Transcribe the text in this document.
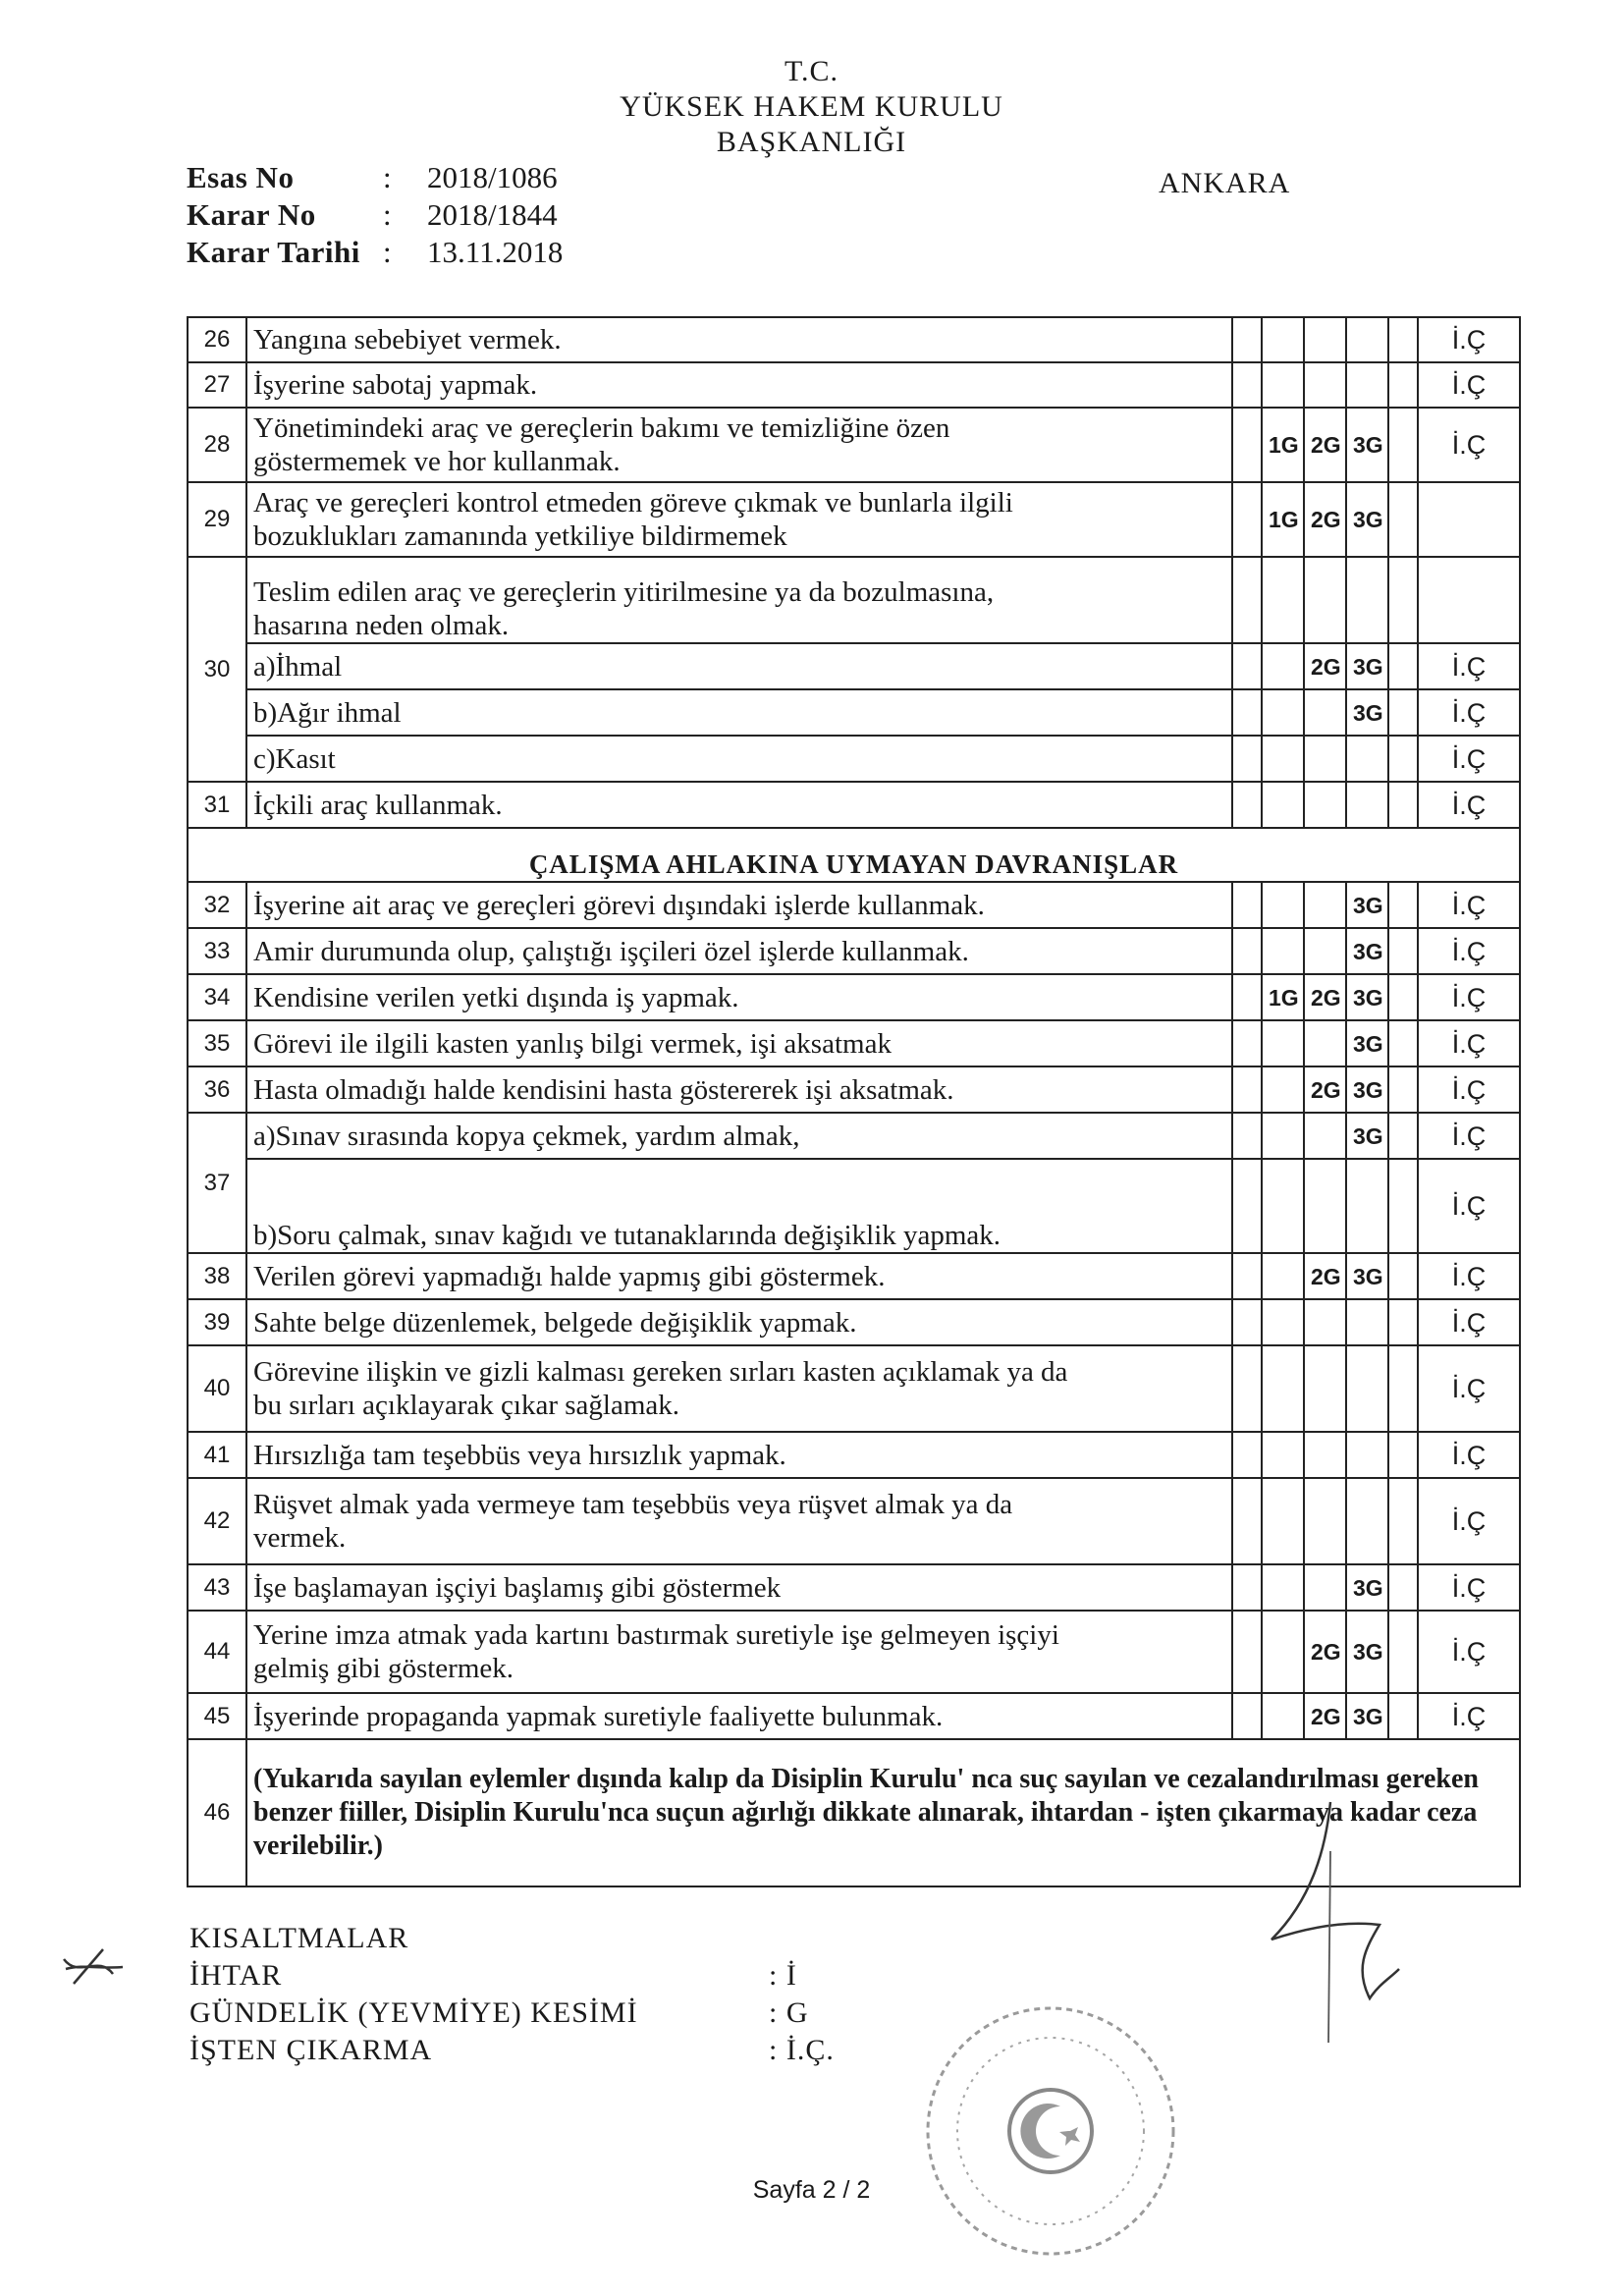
T.C.
YÜKSEK HAKEM KURULU
BAŞKANLIĞI
Esas No	:	2018/1086
Karar No	:	2018/1844
Karar Tarihi :	13.11.2018
ANKARA
26	Yangına sebebiyet vermek.						İ.Ç
27	İşyerine sabotaj yapmak.						İ.Ç
28	Yönetimindeki araç ve gereçlerin bakımı ve temizliğine özen
göstermemek ve hor kullanmak.		1G	2G	3G		İ.Ç
29	Araç ve gereçleri kontrol etmeden göreve çıkmak ve bunlarla ilgili
bozuklukları zamanında yetkiliye bildirmemek		1G	2G	3G		
30	Teslim edilen araç ve gereçlerin yitirilmesine ya da bozulmasına,
hasarına neden olmak.						

	a)İhmal			2G	3G		İ.Ç
	b)Ağır ihmal				3G		İ.Ç
	c)Kasıt						İ.Ç
31	İçkili araç kullanmak.						İ.Ç
ÇALIŞMA AHLAKINA UYMAYAN DAVRANIŞLAR							
32	İşyerine ait araç ve gereçleri görevi dışındaki işlerde kullanmak.				3G		İ.Ç
33	Amir durumunda olup, çalıştığı işçileri özel işlerde kullanmak.				3G		İ.Ç
34	Kendisine verilen yetki dışında iş yapmak.		1G	2G	3G		İ.Ç
35	Görevi ile ilgili kasten yanlış bilgi vermek, işi aksatmak				3G		İ.Ç
36	Hasta olmadığı halde kendisini hasta göstererek işi aksatmak.			2G	3G		İ.Ç
37	a)Sınav sırasında kopya çekmek, yardım almak,				3G		İ.Ç
	b)Soru çalmak, sınav kağıdı ve tutanaklarında değişiklik yapmak.						İ.Ç
38	Verilen görevi yapmadığı halde yapmış gibi göstermek.			2G	3G		İ.Ç
39	Sahte belge düzenlemek, belgede değişiklik yapmak.						İ.Ç
40	Görevine ilişkin ve gizli kalması gereken sırları kasten açıklamak ya da
bu sırları açıklayarak çıkar sağlamak.						İ.Ç
41	Hırsızlığa tam teşebbüs veya hırsızlık yapmak.						İ.Ç
42	Rüşvet almak yada vermeye tam teşebbüs veya rüşvet almak ya da
vermek.						İ.Ç
43	İşe başlamayan işçiyi başlamış gibi göstermek				3G		İ.Ç
44	Yerine imza atmak yada kartını bastırmak suretiyle işe gelmeyen işçiyi
gelmiş gibi göstermek.			2G	3G		İ.Ç
45	İşyerinde propaganda yapmak suretiyle faaliyette bulunmak.			2G	3G		İ.Ç
46	(Yukarıda sayılan eylemler dışında kalıp da Disiplin Kurulu' nca suç sayılan ve cezalandırılması gereken benzer fiiller, Disiplin Kurulu'nca suçun ağırlığı dikkate alınarak, ihtardan - işten çıkarmaya kadar ceza verilebilir.)						
KISALTMALAR
İHTAR	: İ
GÜNDELİK (YEVMİYE) KESİMİ	: G
İŞTEN ÇIKARMA	: İ.Ç.
Sayfa 2 / 2
